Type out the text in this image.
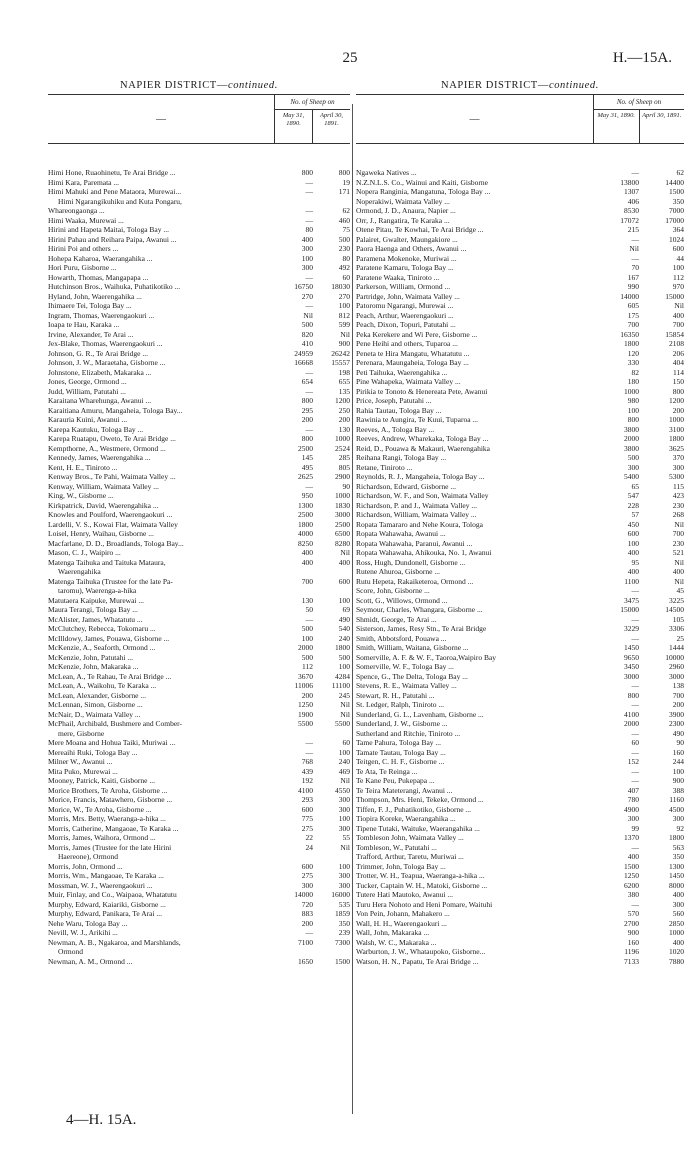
25	H.—15A.
NAPIER DISTRICT—continued.
—
No. of Sheep on
May 31, 1890.
April 30, 1891.
Himi Hone, Ruaohinetu, Te Arai Bridge ...	800	800
Himi Kara, Paremata ...	—	19
Himi Mahuki and Pene Mataora, Murewai...	—	171
Himi Ngarangikuhiku and Kuta Pongaru,
Whareongaonga ...	—	62
Himi Waaka, Murewai ...	—	460
Hirini and Hapeta Maitai, Tologa Bay ...	80	75
Hirini Pahau and Reihara Paipa, Awanui ...	400	500
Hirini Poi and others ...	300	230
Hohepa Kaharoa, Waerangahika ...	100	80
Hori Puru, Gisborne ...	300	492
Howarth, Thomas, Mangapapa ...	—	60
Hutchinson Bros., Waihuka, Puhatikotiko ...	16750	18030
Hyland, John, Waerengahika ...	270	270
Ihimaere Tei, Tologa Bay ...	—	100
Ingram, Thomas, Waerengaokuri ...	Nil	812
Ioapa te Hau, Karaka ...	500	599
Irvine, Alexander, Te Arai ...	820	Nil
Jex-Blake, Thomas, Waerengaokuri ...	410	900
Johnson, G. R., Te Arai Bridge ...	24959	26242
Johnson, J. W., Maraetaha, Gisborne ...	16668	15557
Johnstone, Elizabeth, Makaraka ...	—	198
Jones, George, Ormond ...	654	655
Judd, William, Patutahi ...	—	135
Karaitana Wharehunga, Awanui ...	800	1200
Karaitiana Amuru, Mangaheia, Tologa Bay...	295	250
Karauria Kuini, Awanui ...	200	200
Karepa Kautuku, Tologa Bay ...	—	130
Karepa Ruatapu, Oweto, Te Arai Bridge ...	800	1000
Kempthorne, A., Westmere, Ormond ...	2500	2524
Kennedy, James, Waerengahika ...	145	285
Kent, H. E., Tiniroto ...	495	805
Kenway Bros., Te Pahi, Waimata Valley ...	2625	2900
Kenway, William, Waimata Valley ...	—	90
King, W., Gisborne ...	950	1000
Kirkpatrick, David, Waerengahika ...	1300	1830
Knowles and Poulford, Waerengaokuri ...	2500	3000
Lardelli, V. S., Kowai Flat, Waimata Valley	1800	2500
Loisel, Henry, Waihau, Gisborne ...	4000	6500
Macfarlane, D. D., Broadlands, Tologa Bay...	8250	8280
Mason, C. J., Waipiro ...	400	Nil
Matenga Taihuka and Taituka Mataura,	400	400
Waerengahika
Matenga Taihuka (Trustee for the late Pa-	700	600
taromu), Waerenga-a-hika
Matutaera Kaipuke, Murewai ...	130	100
Maura Terangi, Tologa Bay ...	50	69
McAlister, James, Whatatutu ...	—	490
McClutchey, Rebecca, Tokomaru ...	500	540
McIlldowy, James, Pouawa, Gisborne ...	100	240
McKenzie, A., Seaforth, Ormond ...	2000	1800
McKenzie, John, Patutahi ...	500	500
McKenzie, John, Makaraka ...	112	100
McLean, A., Te Rahau, Te Arai Bridge ...	3670	4284
McLean, A., Waikohu, Te Karaka ...	11006	11100
McLean, Alexander, Gisborne ...	200	245
McLennan, Simon, Gisborne ...	1250	Nil
McNair, D., Waimata Valley ...	1900	Nil
McPhail, Archibald, Bushmere and Comber-	5500	5500
mere, Gisborne
Mere Moana and Hohua Taiki, Muriwai ...	—	60
Mereaihi Ruki, Tologa Bay ...	—	100
Milner W., Awanui ...	768	240
Mita Puko, Murewai ...	439	469
Mooney, Patrick, Kaiti, Gisborne ...	192	Nil
Morice Brothers, Te Aroha, Gisborne ...	4100	4550
Morice, Francis, Matawhero, Gisborne ...	293	300
Morice, W., Te Aroha, Gisborne ...	600	300
Morris, Mrs. Betty, Waeranga-a-hika ...	775	100
Morris, Catherine, Mangaoae, Te Karaka ...	275	300
Morris, James, Waihora, Ormond ...	22	55
Morris, James (Trustee for the late Hirini	24	Nil
Haereone), Ormond
Morris, John, Ormond ...	600	100
Morris, Wm., Mangaoae, Te Karaka ...	275	300
Mossman, W. J., Waerengaokuri ...	300	300
Muir, Finlay, and Co., Waipaoa, Whatatutu	14000	16000
Murphy, Edward, Kaiariki, Gisborne ...	720	535
Murphy, Edward, Panikara, Te Arai ...	883	1859
Nehe Waru, Tologa Bay ...	200	350
Nevill, W. J., Arikihi ...	—	239
Newman, A. B., Ngakaroa, and Marshlands,	7100	7300
Ormond
Newman, A. M., Ormond ...	1650	1500
NAPIER DISTRICT—continued.
—
No. of Sheep on
May 31, 1890.	April 30, 1891.
Ngaweka Natives ...	—	62
N.Z.N.L.S. Co., Wainui and Kaiti, Gisborne	13800	14400
Nopera Ranginia, Mangatuna, Tologa Bay ...	1307	1500
Noperakiwi, Waimata Valley ...	406	350
Ormond, J. D., Anaura, Napier ...	8530	7000
Orr, J., Rangatira, Te Karaka ...	17072	17000
Otene Pitau, Te Kowhai, Te Arai Bridge ...	215	364
Palairet, Gwalter, Maungakiore ...	—	1024
Paora Haenga and Others, Awanui ...	Nil	600
Paramena Mokenoke, Muriwai ...	—	44
Paratene Kamaru, Tologa Bay ...	70	100
Paratene Waaka, Tiniroto ...	167	112
Parkerson, William, Ormond ...	990	970
Partridge, John, Waimata Valley ...	14000	15000
Patoromu Ngarangi, Murewai ...	605	Nil
Peach, Arthur, Waerengaokuri ...	175	400
Peach, Dixon, Topuri, Patutahi ...	700	700
Peka Kerekere and Wi Pere, Gisborne ...	16350	15854
Pene Heihi and others, Tuparoa ...	1800	2108
Peneta te Hira Mangatu, Whatatutu ...	120	206
Perenara, Maungaheia, Tologa Bay ...	330	404
Peti Taihuka, Waerengahika ...	82	114
Pine Wahapeka, Waimata Valley ...	180	150
Pirikia te Tonoto & Henereata Pete, Awanui	1000	800
Price, Joseph, Patutahi ...	980	1200
Rahia Tautau, Tologa Bay ...	100	200
Rawinia te Aungira, Te Kuui, Tuparoa ...	800	1000
Reeves, A., Tologa Bay ...	3800	3100
Reeves, Andrew, Wharekaka, Tologa Bay ...	2000	1800
Reid, D., Pouawa & Makauri, Waerengahika	3800	3625
Reihana Rangi, Tologa Bay ...	500	370
Retane, Tiniroto ...	300	300
Reynolds, R. J., Mangaheia, Tologa Bay ...	5400	5300
Richardson, Edward, Gisborne ...	65	115
Richardson, W. F., and Son, Waimata Valley	547	423
Richardson, P. and J., Waimata Valley ...	228	230
Richardson, William, Waimata Valley ...	57	268
Ropata Tamararo and Nehe Koura, Tologa	450	Nil
Ropata Wahawaha, Awanui ...	600	700
Ropata Wahawaha, Paranui, Awanui ...	100	230
Ropata Wahawaha, Ahikouka, No. 1, Awanui	400	521
Ross, Hugh, Dundonell, Gisborne ...	95	Nil
Rutene Ahuroa, Gisborne ...	400	400
Rutu Hepeta, Rakaiketeroa, Ormond ...	1100	Nil
Score, John, Gisborne ...	—	45
Scott, G., Willows, Ormond ...	3475	3225
Seymour, Charles, Whangara, Gisborne ...	15000	14500
Shmidt, George, Te Arai ...	—	105
Sisterson, James, Resy Stn., Te Arai Bridge	3229	3306
Smith, Abbotsford, Pouawa ...	—	25
Smith, William, Waitana, Gisborne ...	1450	1444
Somerville, A. F. & W. F., Taoroa,Waipiro Bay	9650	10000
Somerville, W. F., Tologa Bay ...	3450	2960
Spence, G., The Delta, Tologa Bay ...	3000	3000
Stevens, R. E., Waimata Valley ...	—	138
Stewart, R. H., Patutahi ...	800	700
St. Ledger, Ralph, Tiniroto ...	—	200
Sunderland, G. L., Lavenham, Gisborne ...	4100	3900
Sunderland, J. W., Gisborne ...	2000	2300
Sutherland and Ritchie, Tiniroto ...	—	490
Tame Pahura, Tologa Bay ...	60	90
Tamate Tautau, Tologa Bay ...	—	160
Teitgen, C. H. F., Gisborne ...	152	244
Te Ata, Te Reinga ...	—	100
Te Kane Peu, Pukepapa ...	—	900
Te Teira Mateterangi, Awanui ...	407	388
Thompson, Mrs. Heni, Tekeke, Ormond ...	780	1160
Tiffen, F. J., Puhatikotiko, Gisborne ...	4900	4500
Tiopira Koreke, Waerangahika ...	300	300
Tipene Tutaki, Waituke, Waerangahika ...	99	92
Tombleson John, Waimata Valley ...	1370	1800
Tombleson, W., Patutahi ...	—	563
Trafford, Arthur, Taretu, Muriwai ...	400	350
Trimmer, John, Tologa Bay ...	1500	1300
Trotter, W. H., Teapua, Waeranga-a-hika ...	1250	1450
Tucker, Captain W. H., Matoki, Gisborne ...	6200	8000
Tutere Hati Mautoko, Awanui ...	380	400
Turu Hera Nohoto and Heni Pomare, Waituhi	—	300
Von Pein, Johann, Mahakero ...	570	560
Wall, H. H., Waerengaokuri ...	2700	2850
Wall, John, Makaraka ...	900	1000
Walsh, W. C., Makaraka ...	160	400
Warburton, J. W., Whataupoko, Gisborne...	1196	1020
Watson, H. N., Papatu, Te Arai Bridge ...	7133	7880
4—H. 15A.
